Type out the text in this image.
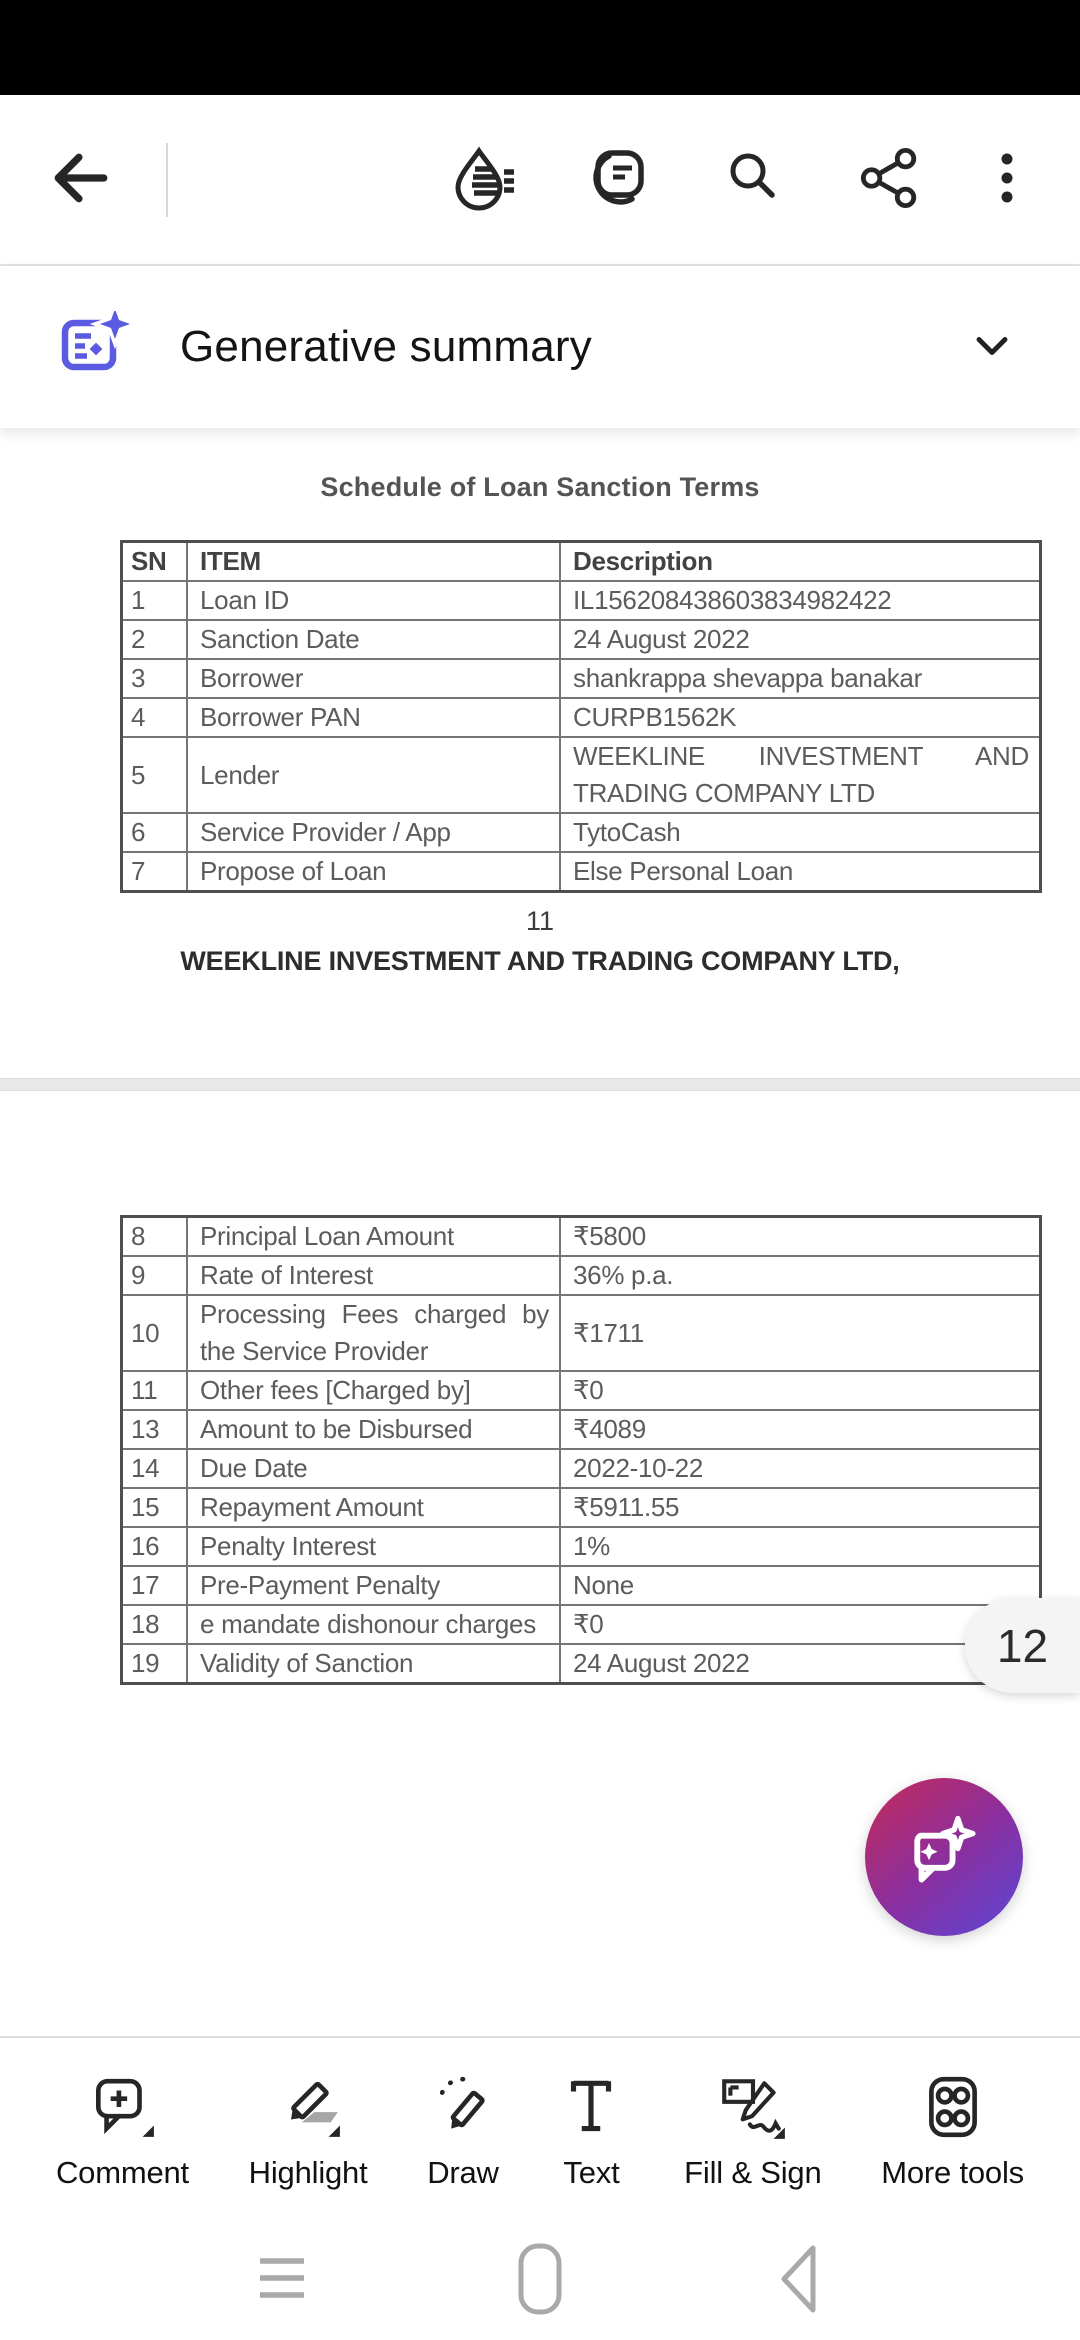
Generative summary
Schedule of Loan Sanction Terms
SN	ITEM	Description
1	Loan ID	IL156208438603834982422
2	Sanction Date	24 August 2022
3	Borrower	shankrappa shevappa banakar
4	Borrower PAN	CURPB1562K
5	Lender	WEEKLINE INVESTMENT AND TRADING COMPANY LTD
6	Service Provider / App	TytoCash
7	Propose of Loan	Else Personal Loan
11
WEEKLINE INVESTMENT AND TRADING COMPANY LTD,
8	Principal Loan Amount	₹5800
9	Rate of Interest	36% p.a.
10	Processing Fees charged by the Service Provider	₹1711
11	Other fees [Charged by]	₹0
13	Amount to be Disbursed	₹4089
14	Due Date	2022-10-22
15	Repayment Amount	₹5911.55
16	Penalty Interest	1%
17	Pre-Payment Penalty	None
18	e mandate dishonour charges	₹0
19	Validity of Sanction	24 August 2022	12
Comment Highlight Draw Text Fill & Sign More tools
